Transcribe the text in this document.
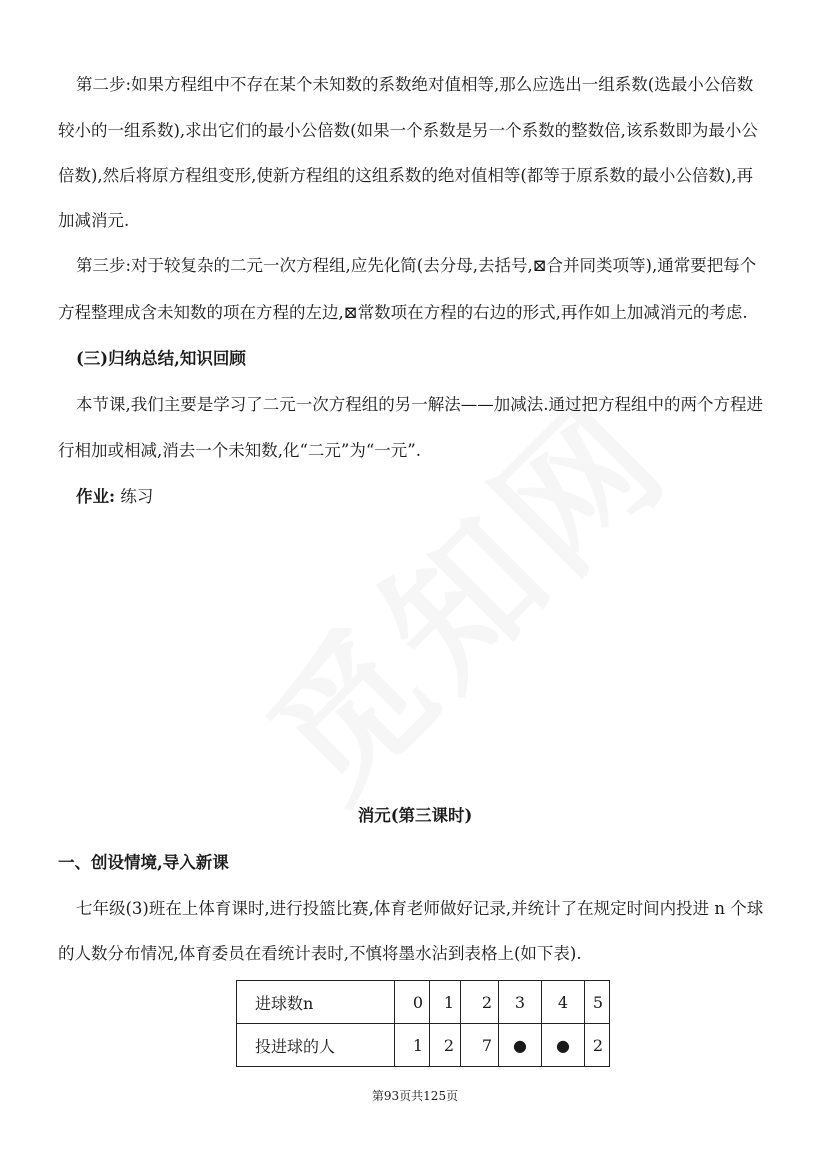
第二步:如果方程组中不存在某个未知数的系数绝对值相等,那么应选出一组系数(选最小公倍数
较小的一组系数),求出它们的最小公倍数(如果一个系数是另一个系数的整数倍,该系数即为最小公
倍数),然后将原方程组变形,使新方程组的这组系数的绝对值相等(都等于原系数的最小公倍数),再
加减消元.
第三步:对于较复杂的二元一次方程组,应先化简(去分母,去括号,⊠合并同类项等),通常要把每个
方程整理成含未知数的项在方程的左边,⊠常数项在方程的右边的形式,再作如上加减消元的考虑.
(三)归纳总结,知识回顾
本节课,我们主要是学习了二元一次方程组的另一解法——加减法.通过把方程组中的两个方程进
行相加或相减,消去一个未知数,化“二元”为“一元”.
作业: 练习
消元(第三课时)
一、创设情境,导入新课
七年级(3)班在上体育课时,进行投篮比赛,体育老师做好记录,并统计了在规定时间内投进 n 个球
的人数分布情况,体育委员在看统计表时,不慎将墨水沾到表格上(如下表).
进球数n	0	1	2	3	4	5
投进球的人	1	2	7	●	●	2
第93页共125页
